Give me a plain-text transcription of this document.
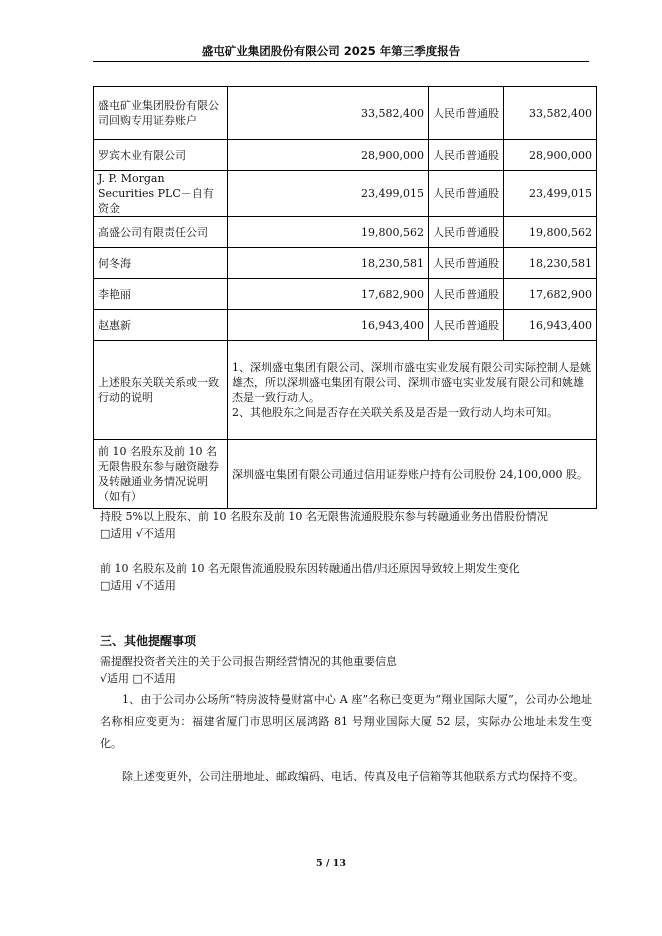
盛屯矿业集团股份有限公司 2025 年第三季度报告
盛屯矿业集团股份有限公司回购专用证券账户	33,582,400	人民币普通股	33,582,400
罗宾木业有限公司	28,900,000	人民币普通股	28,900,000
J. P. Morgan Securities PLC－自有资金	23,499,015	人民币普通股	23,499,015
高盛公司有限责任公司	19,800,562	人民币普通股	19,800,562
何冬海	18,230,581	人民币普通股	18,230,581
李艳丽	17,682,900	人民币普通股	17,682,900
赵惠新	16,943,400	人民币普通股	16,943,400
上述股东关联关系或一致行动的说明	1、深圳盛屯集团有限公司、深圳市盛屯实业发展有限公司实际控制人是姚雄杰，所以深圳盛屯集团有限公司、深圳市盛屯实业发展有限公司和姚雄杰是一致行动人。
2、其他股东之间是否存在关联关系及是否是一致行动人均未可知。		

前 10 名股东及前 10 名无限售股东参与融资融券及转融通业务情况说明（如有）	深圳盛屯集团有限公司通过信用证券账户持有公司股份 24,100,000 股。		
持股 5%以上股东、前 10 名股东及前 10 名无限售流通股股东参与转融通业务出借股份情况
□适用 √不适用
前 10 名股东及前 10 名无限售流通股股东因转融通出借/归还原因导致较上期发生变化
□适用 √不适用
三、其他提醒事项
需提醒投资者关注的关于公司报告期经营情况的其他重要信息
√适用 □不适用
1、由于公司办公场所“特房波特曼财富中心 A 座”名称已变更为“翔业国际大厦”，公司办公地址名称相应变更为：福建省厦门市思明区展鸿路 81 号翔业国际大厦 52 层，实际办公地址未发生变化。
除上述变更外，公司注册地址、邮政编码、电话、传真及电子信箱等其他联系方式均保持不变。
5 / 13
